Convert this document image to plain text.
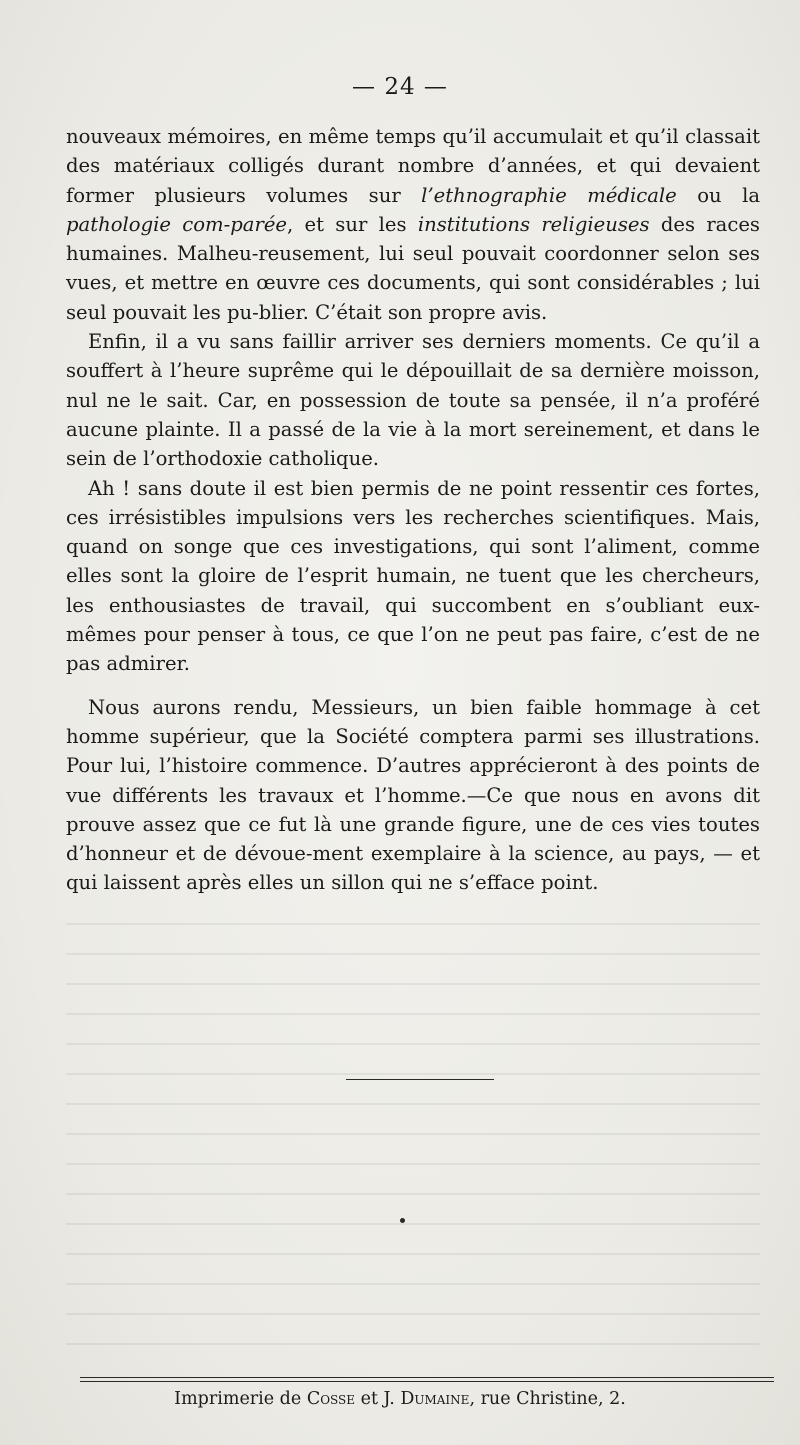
— 24 —

nouveaux mémoires, en même temps qu’il accumulait et qu’il classait des matériaux colligés durant nombre d’années, et qui devaient former plusieurs volumes sur l’ethnographie médicale ou la pathologie com-parée, et sur les institutions religieuses des races humaines. Malheu-reusement, lui seul pouvait coordonner selon ses vues, et mettre en œuvre ces documents, qui sont considérables ; lui seul pouvait les pu-blier. C’était son propre avis.

Enfin, il a vu sans faillir arriver ses derniers moments. Ce qu’il a souffert à l’heure suprême qui le dépouillait de sa dernière moisson, nul ne le sait. Car, en possession de toute sa pensée, il n’a proféré aucune plainte. Il a passé de la vie à la mort sereinement, et dans le sein de l’orthodoxie catholique.

Ah ! sans doute il est bien permis de ne point ressentir ces fortes, ces irrésistibles impulsions vers les recherches scientifiques. Mais, quand on songe que ces investigations, qui sont l’aliment, comme elles sont la gloire de l’esprit humain, ne tuent que les chercheurs, les enthousiastes de travail, qui succombent en s’oubliant eux-mêmes pour penser à tous, ce que l’on ne peut pas faire, c’est de ne pas admirer.

Nous aurons rendu, Messieurs, un bien faible hommage à cet homme supérieur, que la Société comptera parmi ses illustrations. Pour lui, l’histoire commence. D’autres apprécieront à des points de vue différents les travaux et l’homme.—Ce que nous en avons dit prouve assez que ce fut là une grande figure, une de ces vies toutes d’honneur et de dévoue-ment exemplaire à la science, au pays, — et qui laissent après elles un sillon qui ne s’efface point.

Imprimerie de Cosse et J. Dumaine, rue Christine, 2.
